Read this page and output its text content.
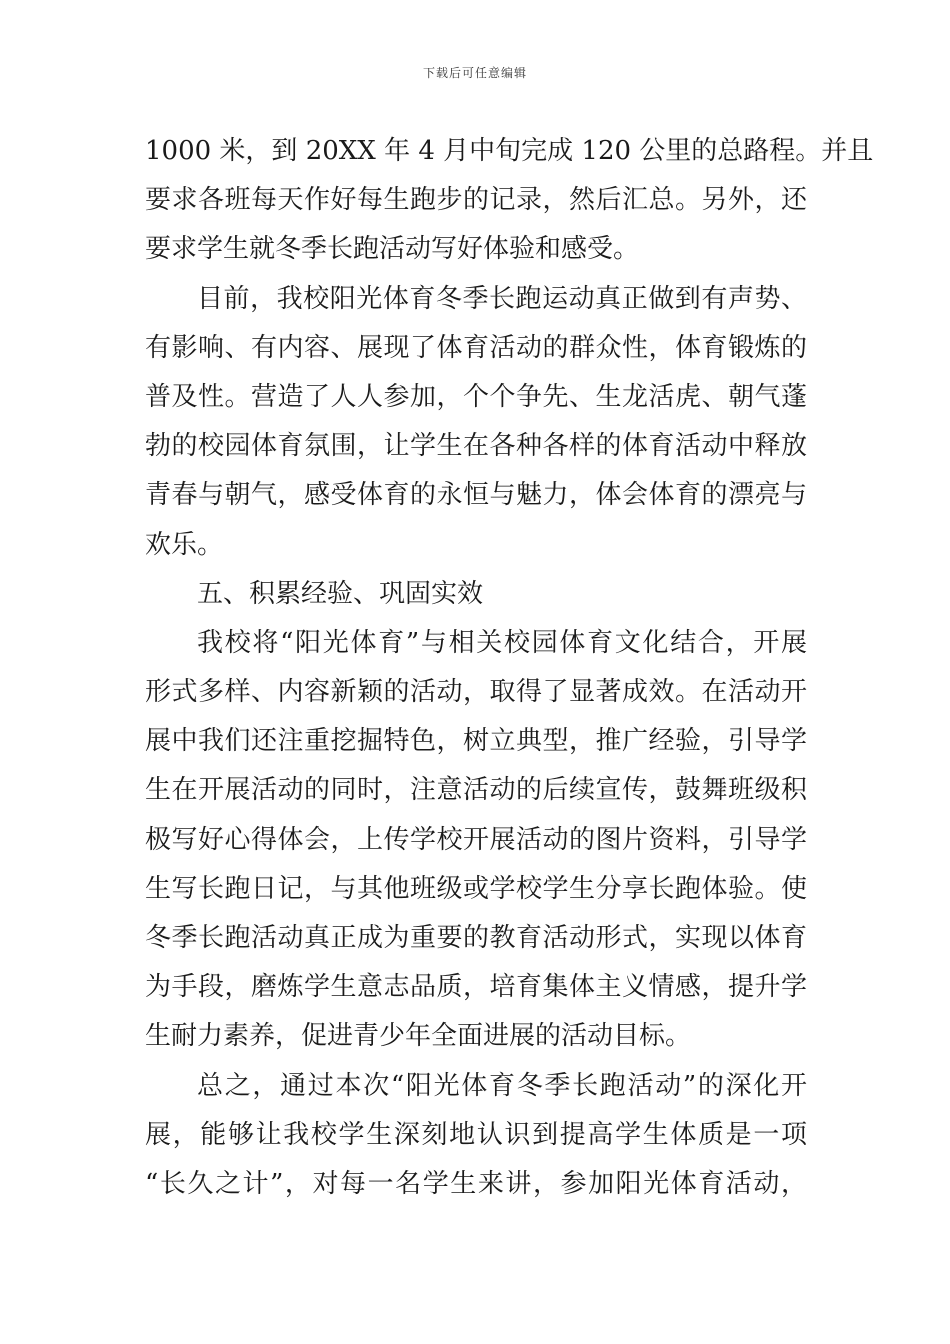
下载后可任意编辑
1000 米，到 20XX 年 4 月中旬完成 120 公里的总路程。并且
要求各班每天作好每生跑步的记录，然后汇总。另外，还
要求学生就冬季长跑活动写好体验和感受。
目前，我校阳光体育冬季长跑运动真正做到有声势、
有影响、有内容、展现了体育活动的群众性，体育锻炼的
普及性。营造了人人参加，个个争先、生龙活虎、朝气蓬
勃的校园体育氛围，让学生在各种各样的体育活动中释放
青春与朝气，感受体育的永恒与魅力，体会体育的漂亮与
欢乐。
五、积累经验、巩固实效
我校将“阳光体育”与相关校园体育文化结合，开展
形式多样、内容新颖的活动，取得了显著成效。在活动开
展中我们还注重挖掘特色，树立典型，推广经验，引导学
生在开展活动的同时，注意活动的后续宣传，鼓舞班级积
极写好心得体会，上传学校开展活动的图片资料，引导学
生写长跑日记，与其他班级或学校学生分享长跑体验。使
冬季长跑活动真正成为重要的教育活动形式，实现以体育
为手段，磨炼学生意志品质，培育集体主义情感，提升学
生耐力素养，促进青少年全面进展的活动目标。
总之，通过本次“阳光体育冬季长跑活动”的深化开
展，能够让我校学生深刻地认识到提高学生体质是一项
“长久之计”，对每一名学生来讲，参加阳光体育活动，
